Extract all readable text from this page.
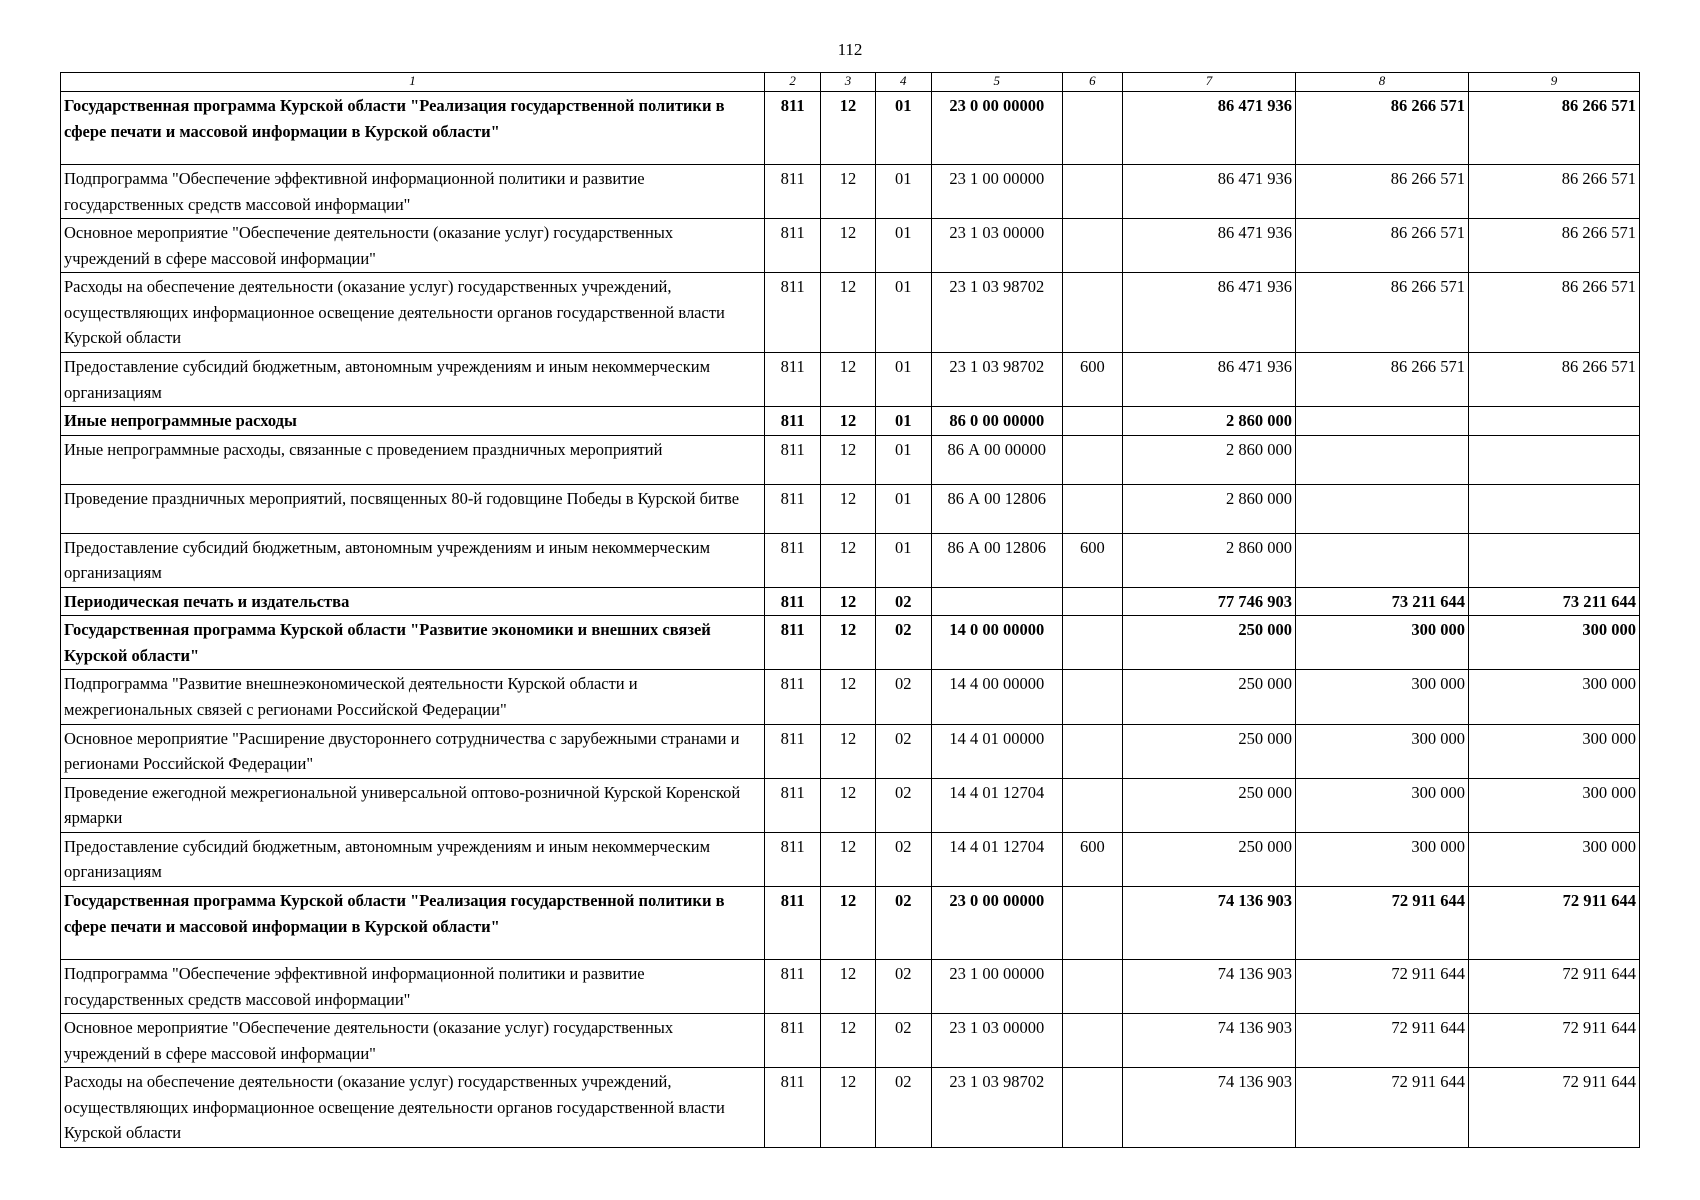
112
1	2	3	4	5	6	7	8	9
Государственная программа Курской области "Реализация государственной политики в сфере печати и массовой информации в Курской области"	811	12	01	23 0 00 00000		86 471 936	86 266 571	86 266 571
Подпрограмма "Обеспечение эффективной информационной политики и развитие государственных средств массовой информации"	811	12	01	23 1 00 00000		86 471 936	86 266 571	86 266 571
Основное мероприятие "Обеспечение деятельности (оказание услуг) государственных учреждений в сфере массовой информации"	811	12	01	23 1 03 00000		86 471 936	86 266 571	86 266 571
Расходы на обеспечение деятельности (оказание услуг) государственных учреждений, осуществляющих информационное освещение деятельности органов государственной власти Курской области	811	12	01	23 1 03 98702		86 471 936	86 266 571	86 266 571
Предоставление субсидий бюджетным, автономным учреждениям и иным некоммерческим организациям	811	12	01	23 1 03 98702	600	86 471 936	86 266 571	86 266 571
Иные непрограммные расходы	811	12	01	86 0 00 00000		2 860 000		
Иные непрограммные расходы, связанные с проведением праздничных мероприятий	811	12	01	86 А 00 00000		2 860 000		
Проведение праздничных мероприятий, посвященных 80-й годовщине Победы в Курской битве	811	12	01	86 А 00 12806		2 860 000		
Предоставление субсидий бюджетным, автономным учреждениям и иным некоммерческим организациям	811	12	01	86 А 00 12806	600	2 860 000		
Периодическая печать и издательства	811	12	02			77 746 903	73 211 644	73 211 644
Государственная программа Курской области "Развитие экономики и внешних связей Курской области"	811	12	02	14 0 00 00000		250 000	300 000	300 000
Подпрограмма "Развитие внешнеэкономической деятельности Курской области и межрегиональных связей с регионами Российской Федерации"	811	12	02	14 4 00 00000		250 000	300 000	300 000
Основное мероприятие "Расширение двустороннего сотрудничества с зарубежными странами и регионами Российской Федерации"	811	12	02	14 4 01 00000		250 000	300 000	300 000
Проведение ежегодной межрегиональной универсальной оптово-розничной Курской Коренской ярмарки	811	12	02	14 4 01 12704		250 000	300 000	300 000
Предоставление субсидий бюджетным, автономным учреждениям и иным некоммерческим организациям	811	12	02	14 4 01 12704	600	250 000	300 000	300 000
Государственная программа Курской области "Реализация государственной политики в сфере печати и массовой информации в Курской области"	811	12	02	23 0 00 00000		74 136 903	72 911 644	72 911 644
Подпрограмма "Обеспечение эффективной информационной политики и развитие государственных средств массовой информации"	811	12	02	23 1 00 00000		74 136 903	72 911 644	72 911 644
Основное мероприятие "Обеспечение деятельности (оказание услуг) государственных учреждений в сфере массовой информации"	811	12	02	23 1 03 00000		74 136 903	72 911 644	72 911 644
Расходы на обеспечение деятельности (оказание услуг) государственных учреждений, осуществляющих информационное освещение деятельности органов государственной власти Курской области	811	12	02	23 1 03 98702		74 136 903	72 911 644	72 911 644
